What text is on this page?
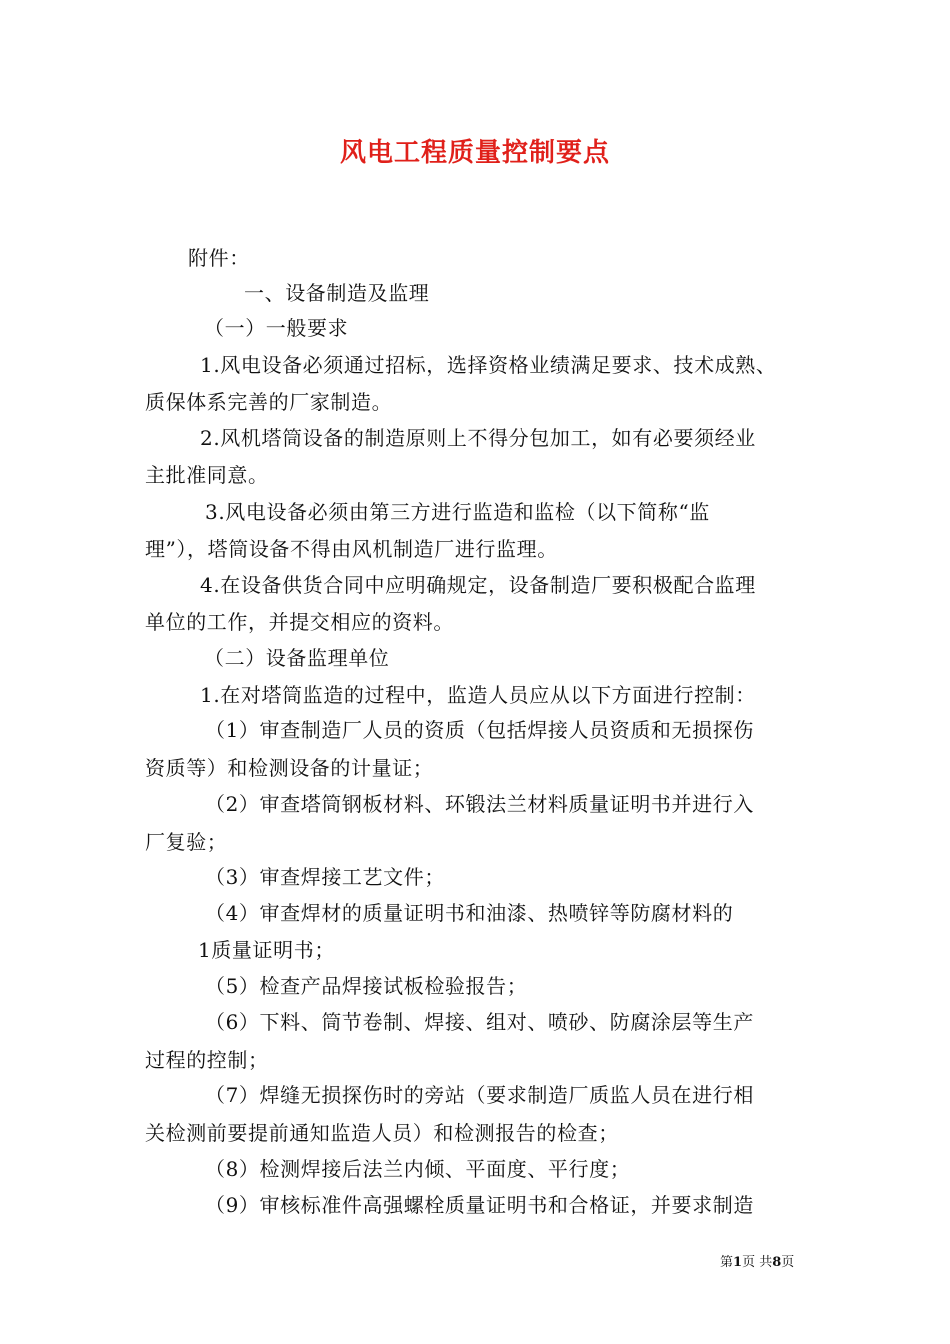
风电工程质量控制要点
附件：
一、设备制造及监理
（一）一般要求
1.风电设备必须通过招标，选择资格业绩满足要求、技术成熟、
质保体系完善的厂家制造。
2.风机塔筒设备的制造原则上不得分包加工，如有必要须经业
主批准同意。
3.风电设备必须由第三方进行监造和监检（以下简称“监
理”），塔筒设备不得由风机制造厂进行监理。
4.在设备供货合同中应明确规定，设备制造厂要积极配合监理
单位的工作，并提交相应的资料。
（二）设备监理单位
1.在对塔筒监造的过程中，监造人员应从以下方面进行控制：
（1）审查制造厂人员的资质（包括焊接人员资质和无损探伤
资质等）和检测设备的计量证；
（2）审查塔筒钢板材料、环锻法兰材料质量证明书并进行入
厂复验；
（3）审查焊接工艺文件；
（4）审查焊材的质量证明书和油漆、热喷锌等防腐材料的
1质量证明书；
（5）检查产品焊接试板检验报告；
（6）下料、筒节卷制、焊接、组对、喷砂、防腐涂层等生产
过程的控制；
（7）焊缝无损探伤时的旁站（要求制造厂质监人员在进行相
关检测前要提前通知监造人员）和检测报告的检查；
（8）检测焊接后法兰内倾、平面度、平行度；
（9）审核标准件高强螺栓质量证明书和合格证，并要求制造
第1页 共8页
